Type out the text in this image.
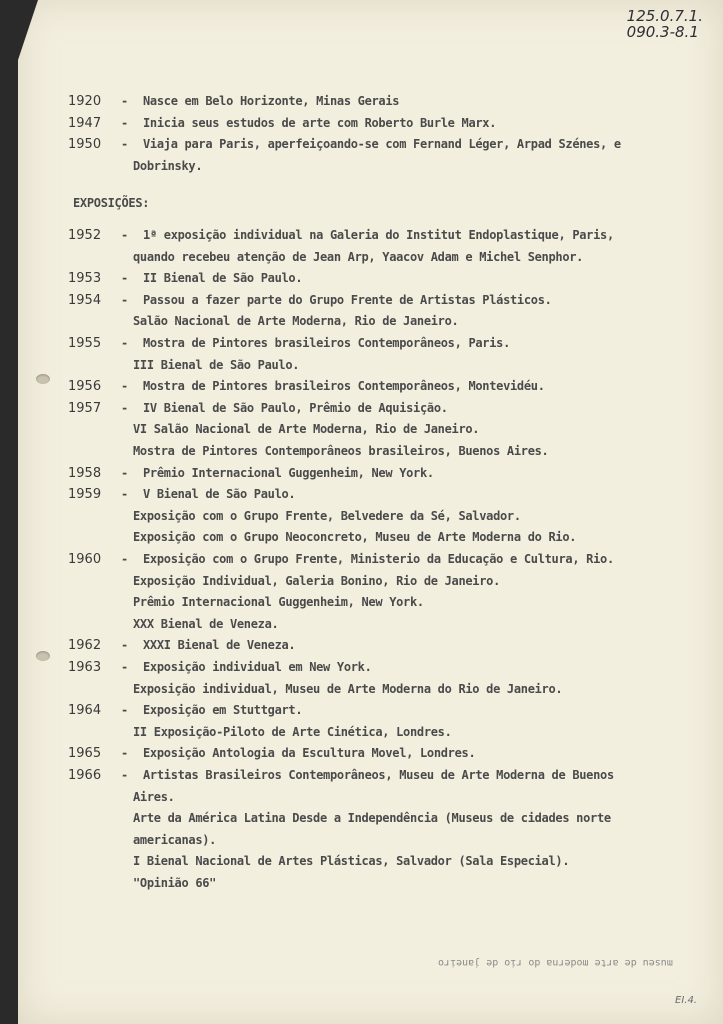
125.0.7.1.
090.3-8.1
1920	- Nasce em Belo Horizonte, Minas Gerais
1947	- Inicia seus estudos de arte com Roberto Burle Marx.
1950	- Viaja para Paris, aperfeiçoando-se com Fernand Léger, Arpad Szénes, e
Dobrinsky.
1952	- 1ª exposição individual na Galeria do Institut Endoplastique, Paris,
quando recebeu atenção de Jean Arp, Yaacov Adam e Michel Senphor.
1953	- II Bienal de São Paulo.
1954	- Passou a fazer parte do Grupo Frente de Artistas Plásticos.
Salão Nacional de Arte Moderna, Rio de Janeiro.
1955	- Mostra de Pintores brasileiros Contemporâneos, Paris.
III Bienal de São Paulo.
1956	- Mostra de Pintores brasileiros Contemporâneos, Montevidéu.
1957	- IV Bienal de São Paulo, Prêmio de Aquisição.
VI Salão Nacional de Arte Moderna, Rio de Janeiro.
Mostra de Pintores Contemporâneos brasileiros, Buenos Aires.
1958	- Prêmio Internacional Guggenheim, New York.
1959	- V Bienal de São Paulo.
Exposição com o Grupo Frente, Belvedere da Sé, Salvador.
Exposição com o Grupo Neoconcreto, Museu de Arte Moderna do Rio.
1960	- Exposição com o Grupo Frente, Ministerio da Educação e Cultura, Rio.
Exposição Individual, Galeria Bonino, Rio de Janeiro.
Prêmio Internacional Guggenheim, New York.
XXX Bienal de Veneza.
1962	- XXXI Bienal de Veneza.
1963	- Exposição individual em New York.
Exposição individual, Museu de Arte Moderna do Rio de Janeiro.
1964	- Exposição em Stuttgart.
II Exposição-Piloto de Arte Cinética, Londres.
1965	- Exposição Antologia da Escultura Movel, Londres.
1966	- Artistas Brasileiros Contemporâneos, Museu de Arte Moderna de Buenos
Aires.
Arte da América Latina Desde a Independência (Museus de cidades norte
americanas).
I Bienal Nacional de Artes Plásticas, Salvador (Sala Especial).
"Opinião 66"
EXPOSIÇÕES:
museu de arte moderna do rio de janeiro
EI.4.
